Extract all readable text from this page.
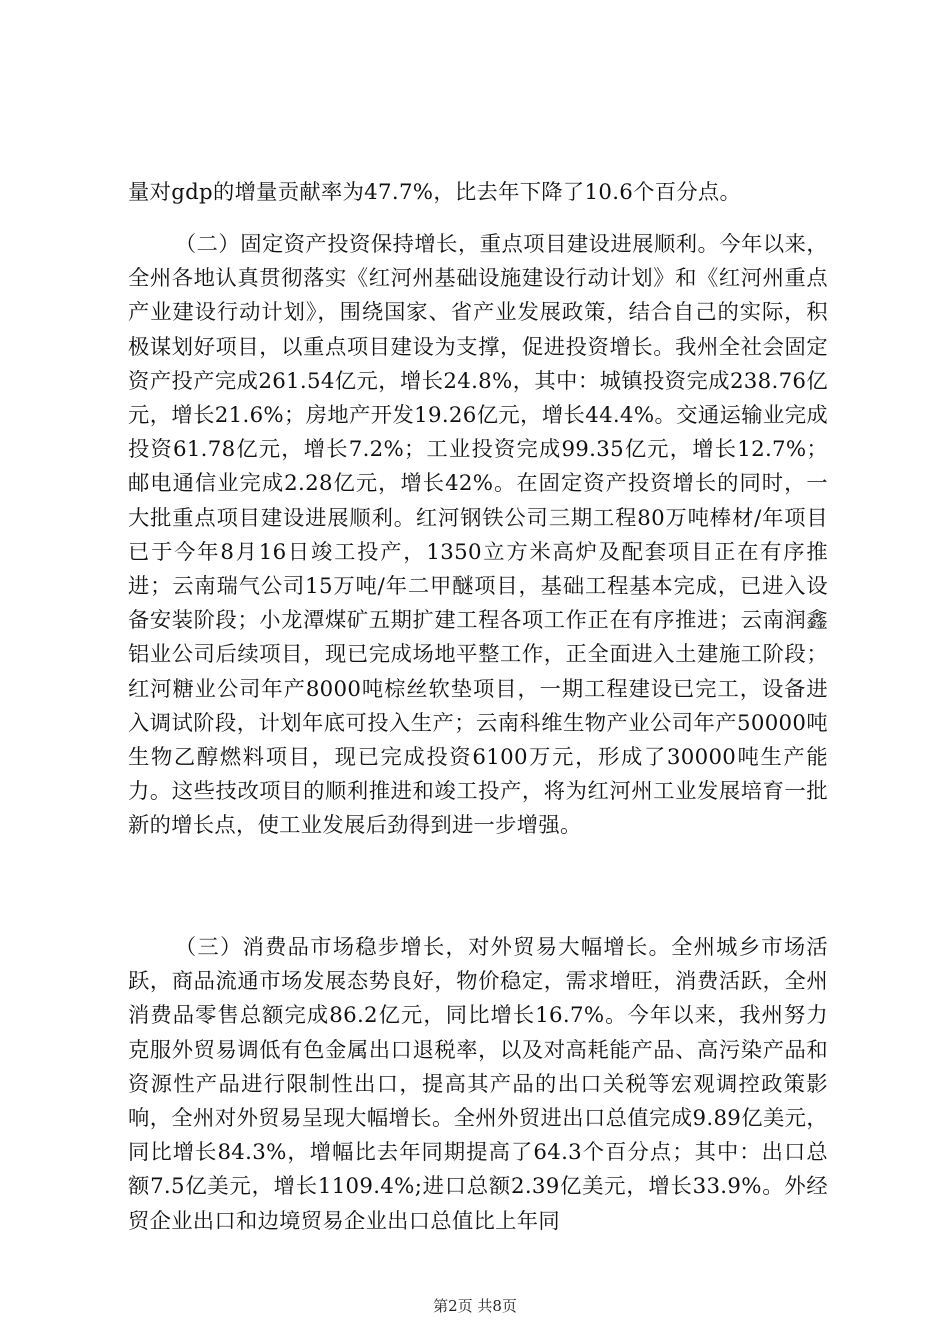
量对gdp的增量贡献率为47.7%，比去年下降了10.6个百分点。

（二）固定资产投资保持增长，重点项目建设进展顺利。今年以来，全州各地认真贯彻落实《红河州基础设施建设行动计划》和《红河州重点产业建设行动计划》，围绕国家、省产业发展政策，结合自己的实际，积极谋划好项目，以重点项目建设为支撑，促进投资增长。我州全社会固定资产投产完成261.54亿元，增长24.8%，其中：城镇投资完成238.76亿元，增长21.6%；房地产开发19.26亿元，增长44.4%。交通运输业完成投资61.78亿元，增长7.2%；工业投资完成99.35亿元，增长12.7%；邮电通信业完成2.28亿元，增长42%。在固定资产投资增长的同时，一大批重点项目建设进展顺利。红河钢铁公司三期工程80万吨棒材/年项目已于今年8月16日竣工投产，1350立方米高炉及配套项目正在有序推进；云南瑞气公司15万吨/年二甲醚项目，基础工程基本完成，已进入设备安装阶段；小龙潭煤矿五期扩建工程各项工作正在有序推进；云南润鑫铝业公司后续项目，现已完成场地平整工作，正全面进入土建施工阶段；红河糖业公司年产8000吨棕丝软垫项目，一期工程建设已完工，设备进入调试阶段，计划年底可投入生产；云南科维生物产业公司年产50000吨生物乙醇燃料项目，现已完成投资6100万元，形成了30000吨生产能力。这些技改项目的顺利推进和竣工投产，将为红河州工业发展培育一批新的增长点，使工业发展后劲得到进一步增强。

（三）消费品市场稳步增长，对外贸易大幅增长。全州城乡市场活跃，商品流通市场发展态势良好，物价稳定，需求增旺，消费活跃，全州消费品零售总额完成86.2亿元，同比增长16.7%。今年以来，我州努力克服外贸易调低有色金属出口退税率，以及对高耗能产品、高污染产品和资源性产品进行限制性出口，提高其产品的出口关税等宏观调控政策影响，全州对外贸易呈现大幅增长。全州外贸进出口总值完成9.89亿美元，同比增长84.3%，增幅比去年同期提高了64.3个百分点；其中：出口总额7.5亿美元，增长1109.4%;进口总额2.39亿美元，增长33.9%。外经贸企业出口和边境贸易企业出口总值比上年同

第2页 共8页
